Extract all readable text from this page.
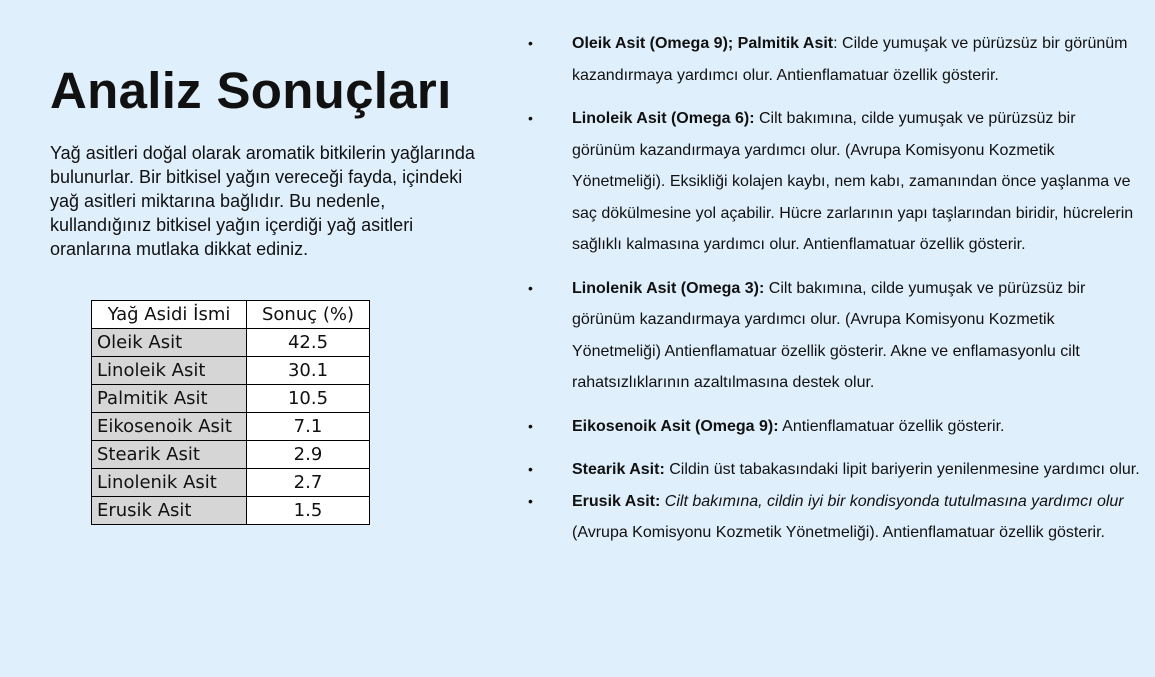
Analiz Sonuçları

Yağ asitleri doğal olarak aromatik bitkilerin yağlarında bulunurlar. Bir bitkisel yağın vereceği fayda, içindeki yağ asitleri miktarına bağlıdır. Bu nedenle, kullandığınız bitkisel yağın içerdiği yağ asitleri oranlarına mutlaka dikkat ediniz.

Yağ Asidi İsmi	Sonuç (%)
Oleik Asit	42.5
Linoleik Asit	30.1
Palmitik Asit	10.5
Eikosenoik Asit	7.1
Stearik Asit	2.9
Linolenik Asit	2.7
Erusik Asit	1.5
• Oleik Asit (Omega 9); Palmitik Asit: Cilde yumuşak ve pürüzsüz bir görünüm kazandırmaya yardımcı olur. Antienflamatuar özellik gösterir.
• Linoleik Asit (Omega 6): Cilt bakımına, cilde yumuşak ve pürüzsüz bir görünüm kazandırmaya yardımcı olur. (Avrupa Komisyonu Kozmetik Yönetmeliği). Eksikliği kolajen kaybı, nem kabı, zamanından önce yaşlanma ve saç dökülmesine yol açabilir. Hücre zarlarının yapı taşlarından biridir, hücrelerin sağlıklı kalmasına yardımcı olur. Antienflamatuar özellik gösterir.
• Linolenik Asit (Omega 3): Cilt bakımına, cilde yumuşak ve pürüzsüz bir görünüm kazandırmaya yardımcı olur. (Avrupa Komisyonu Kozmetik Yönetmeliği) Antienflamatuar özellik gösterir. Akne ve enflamasyonlu cilt rahatsızlıklarının azaltılmasına destek olur.
• Eikosenoik Asit (Omega 9): Antienflamatuar özellik gösterir.
• Stearik Asit: Cildin üst tabakasındaki lipit bariyerin yenilenmesine yardımcı olur.
• Erusik Asit: Cilt bakımına, cildin iyi bir kondisyonda tutulmasına yardımcı olur (Avrupa Komisyonu Kozmetik Yönetmeliği). Antienflamatuar özellik gösterir.
